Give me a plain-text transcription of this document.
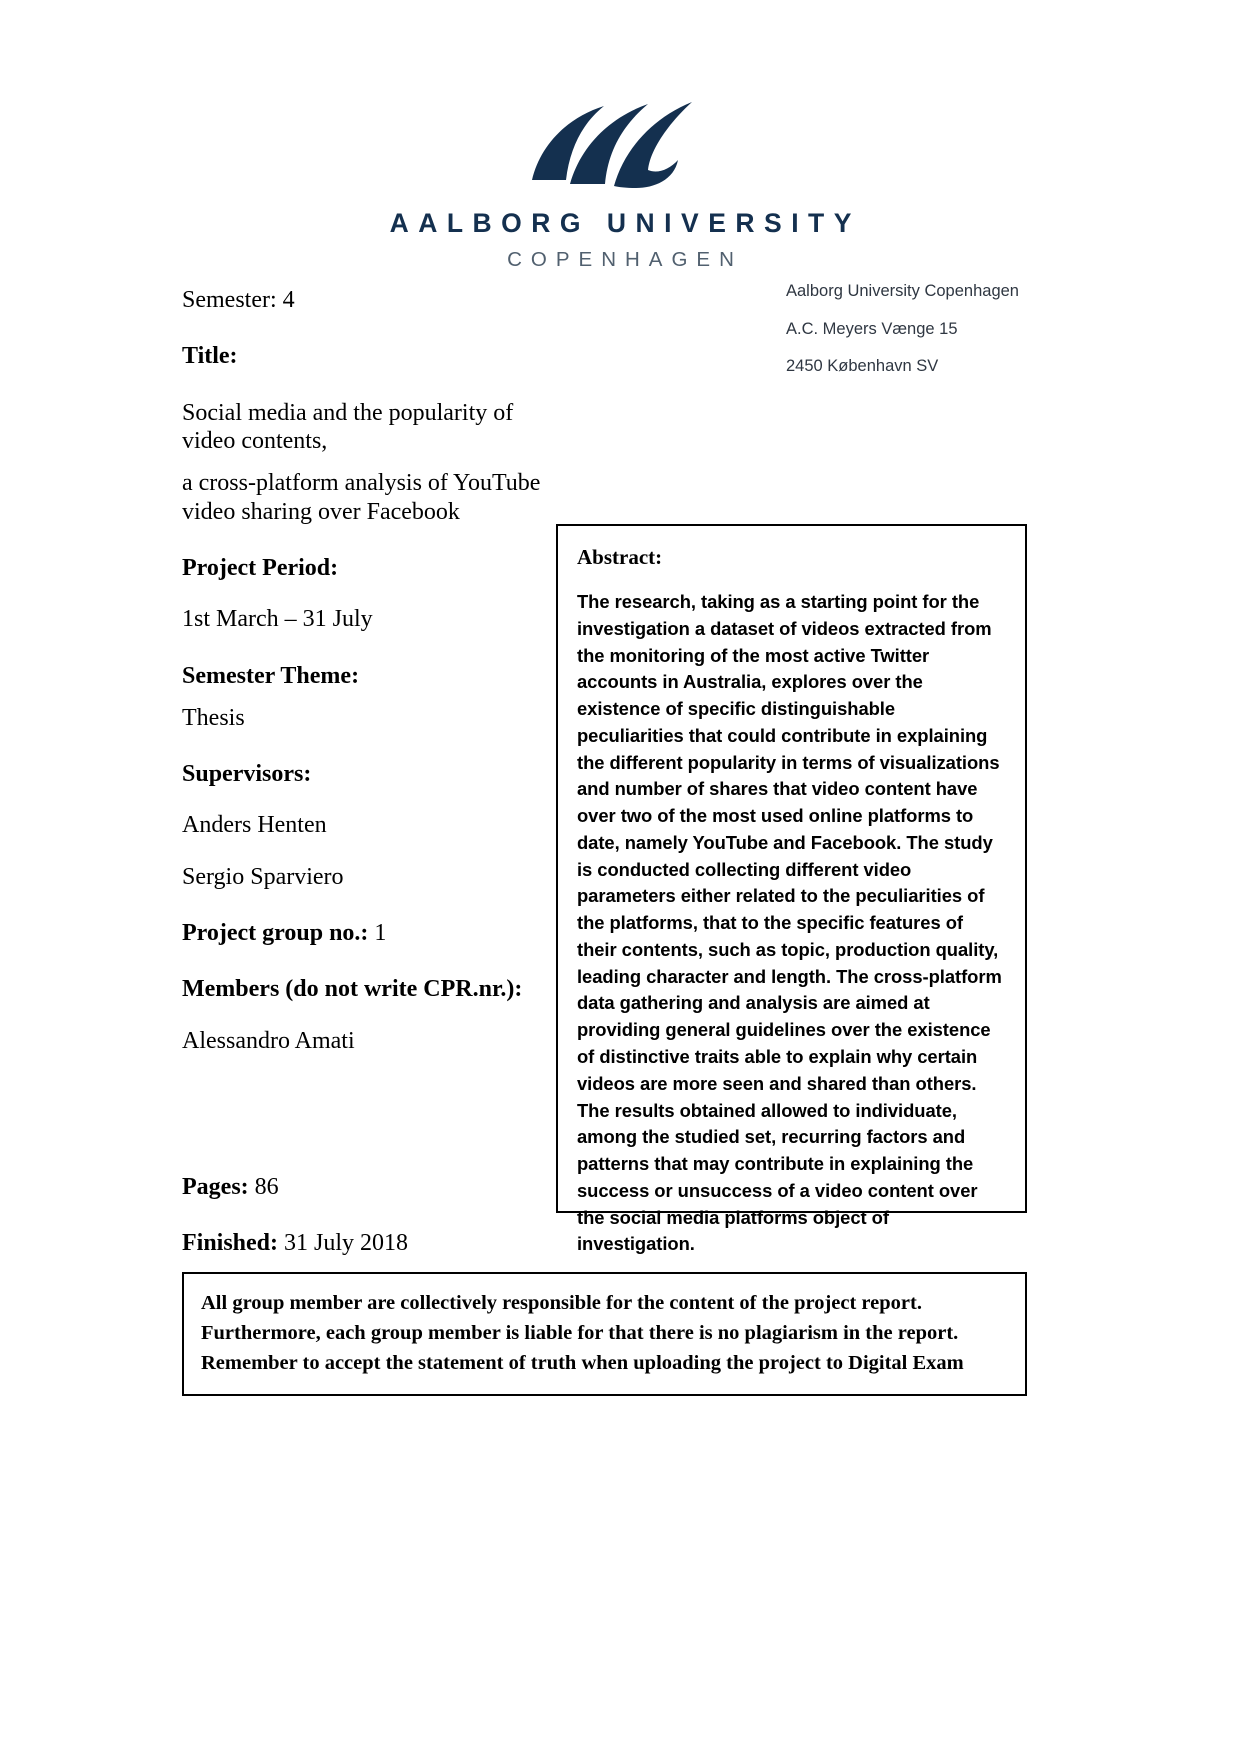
AALBORG UNIVERSITY
COPENHAGEN
Aalborg University Copenhagen
A.C. Meyers Vænge 15
2450 København SV
Semester: 4
Title:
Social media and the popularity of video contents,
a cross-platform analysis of YouTube video sharing over Facebook
Project Period:
1st March – 31 July
Semester Theme:
Thesis
Supervisors:
Anders Henten
Sergio Sparviero
Project group no.: 1
Members (do not write CPR.nr.):
Alessandro Amati
Pages: 86
Finished: 31 July 2018
Abstract:
The research, taking as a starting point for the investigation a dataset of videos extracted from the monitoring of the most active Twitter accounts in Australia, explores over the existence of specific distinguishable peculiarities that could contribute in explaining the different popularity in terms of visualizations and number of shares that video content have over two of the most used online platforms to date, namely YouTube and Facebook. The study is conducted collecting different video parameters either related to the peculiarities of the platforms, that to the specific features of their contents, such as topic, production quality, leading character and length. The cross-platform data gathering and analysis are aimed at providing general guidelines over the existence of distinctive traits able to explain why certain videos are more seen and shared than others. The results obtained allowed to individuate, among the studied set, recurring factors and patterns that may contribute in explaining the success or unsuccess of a video content over the social media platforms object of investigation.
All group member are collectively responsible for the content of the project report.
Furthermore, each group member is liable for that there is no plagiarism in the report.
Remember to accept the statement of truth when uploading the project to Digital Exam
